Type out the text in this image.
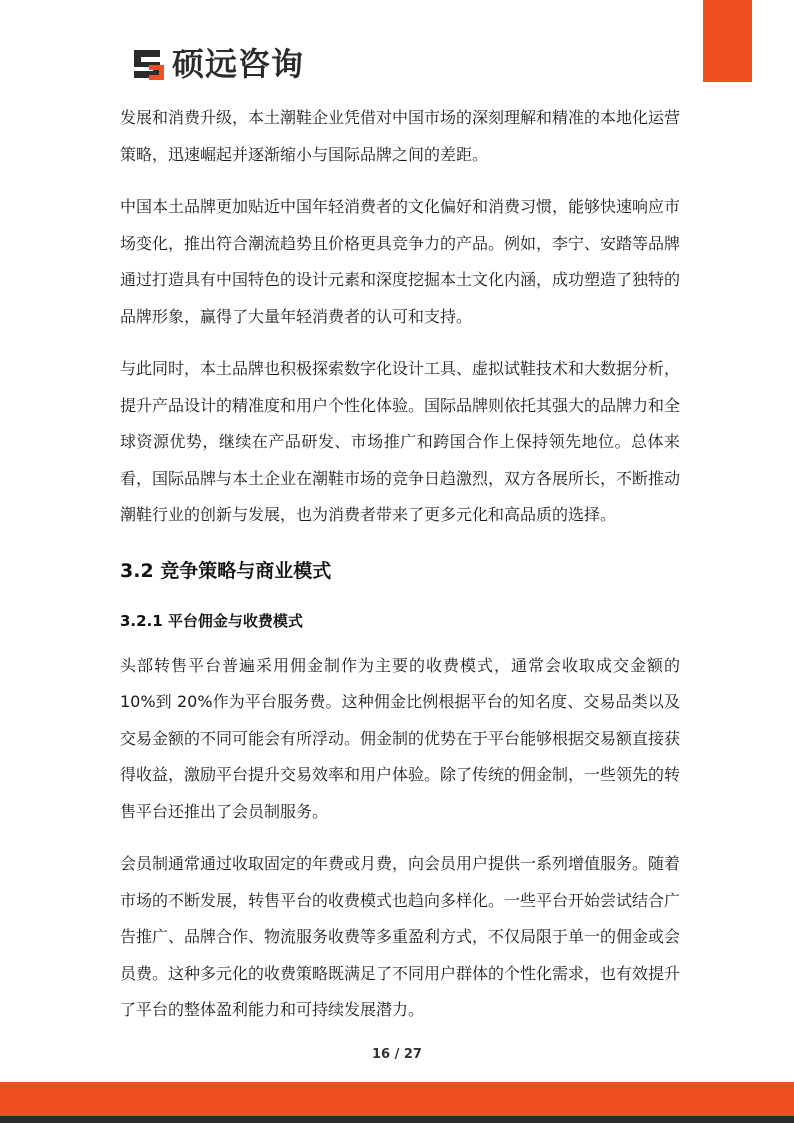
硕远咨询

发展和消费升级，本土潮鞋企业凭借对中国市场的深刻理解和精准的本地化运营策略，迅速崛起并逐渐缩小与国际品牌之间的差距。

中国本土品牌更加贴近中国年轻消费者的文化偏好和消费习惯，能够快速响应市场变化，推出符合潮流趋势且价格更具竞争力的产品。例如，李宁、安踏等品牌通过打造具有中国特色的设计元素和深度挖掘本土文化内涵，成功塑造了独特的品牌形象，赢得了大量年轻消费者的认可和支持。

与此同时，本土品牌也积极探索数字化设计工具、虚拟试鞋技术和大数据分析，提升产品设计的精准度和用户个性化体验。国际品牌则依托其强大的品牌力和全球资源优势，继续在产品研发、市场推广和跨国合作上保持领先地位。总体来看，国际品牌与本土企业在潮鞋市场的竞争日趋激烈，双方各展所长，不断推动潮鞋行业的创新与发展，也为消费者带来了更多元化和高品质的选择。

3.2 竞争策略与商业模式
3.2.1 平台佣金与收费模式

头部转售平台普遍采用佣金制作为主要的收费模式，通常会收取成交金额的10%到 20%作为平台服务费。这种佣金比例根据平台的知名度、交易品类以及交易金额的不同可能会有所浮动。佣金制的优势在于平台能够根据交易额直接获得收益，激励平台提升交易效率和用户体验。除了传统的佣金制，一些领先的转售平台还推出了会员制服务。

会员制通常通过收取固定的年费或月费，向会员用户提供一系列增值服务。随着市场的不断发展，转售平台的收费模式也趋向多样化。一些平台开始尝试结合广告推广、品牌合作、物流服务收费等多重盈利方式，不仅局限于单一的佣金或会员费。这种多元化的收费策略既满足了不同用户群体的个性化需求，也有效提升了平台的整体盈利能力和可持续发展潜力。

16 / 27
